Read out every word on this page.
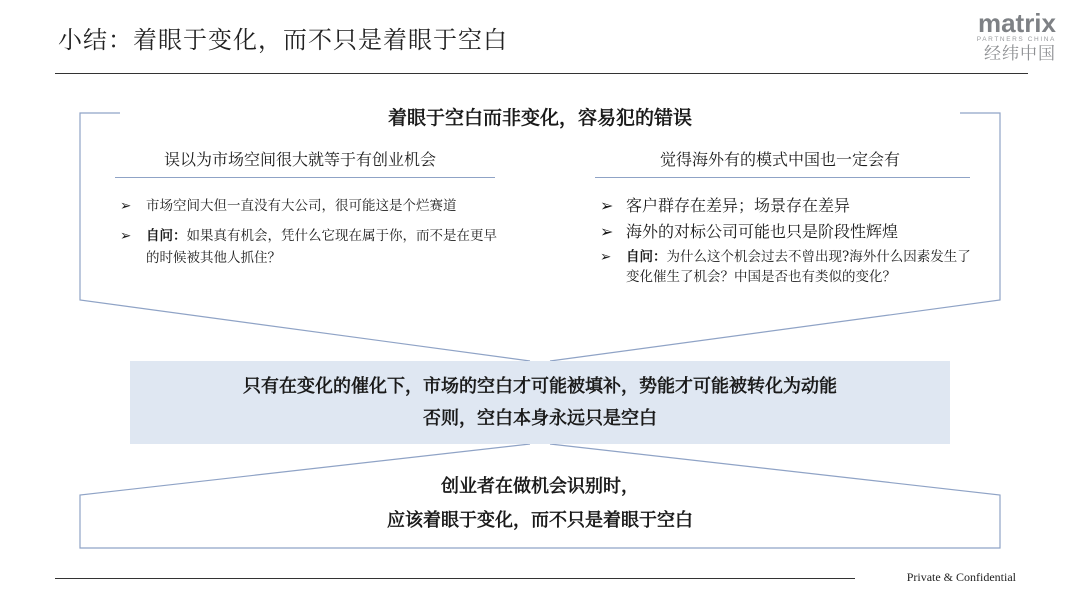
小结：着眼于变化，而不只是着眼于空白
matrix
PARTNERS CHINA
经纬中国
着眼于空白而非变化，容易犯的错误
误以为市场空间很大就等于有创业机会	觉得海外有的模式中国也一定会有
➢ 市场空间大但一直没有大公司，很可能这是个烂赛道
➢ 自问：如果真有机会，凭什么它现在属于你，而不是在更早的时候被其他人抓住？
➢ 客户群存在差异；场景存在差异
➢ 海外的对标公司可能也只是阶段性辉煌
➢ 自问：为什么这个机会过去不曾出现?海外什么因素发生了变化催生了机会？中国是否也有类似的变化？
只有在变化的催化下，市场的空白才可能被填补，势能才可能被转化为动能
否则，空白本身永远只是空白
创业者在做机会识别时，
应该着眼于变化，而不只是着眼于空白
Private & Confidential
